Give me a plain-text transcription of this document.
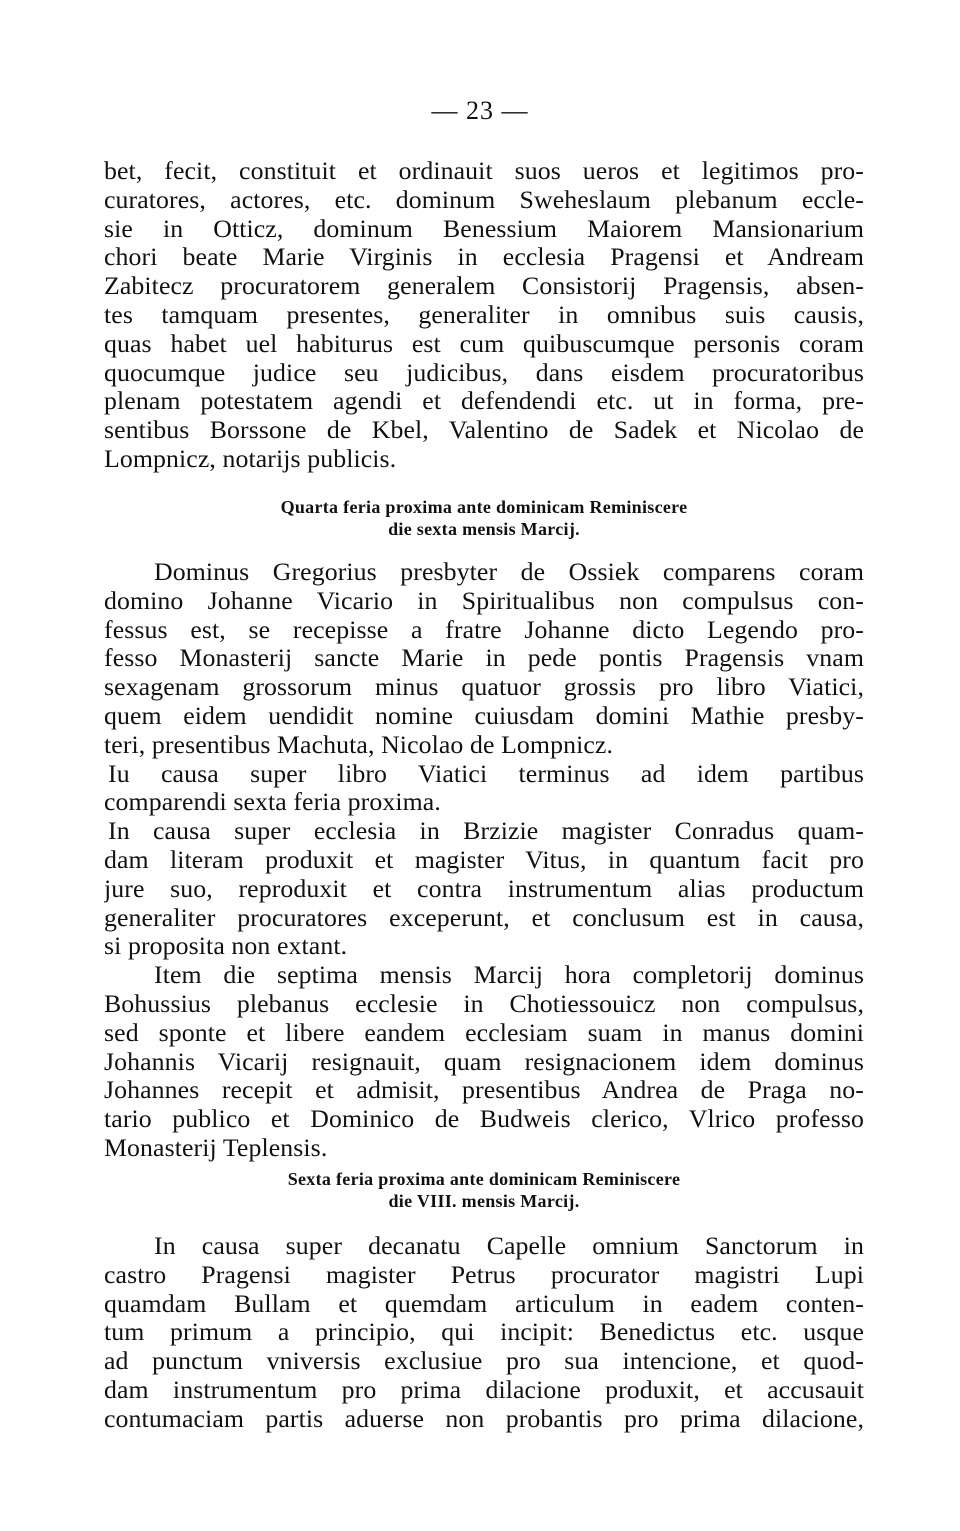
— 23 —
bet, fecit, constituit et ordinauit suos ueros et legitimos pro-
curatores, actores, etc. dominum Sweheslaum plebanum eccle-
sie in Otticz, dominum Benessium Maiorem Mansionarium
chori beate Marie Virginis in ecclesia Pragensi et Andream
Zabitecz procuratorem generalem Consistorij Pragensis, absen-
tes tamquam presentes, generaliter in omnibus suis causis,
quas habet uel habiturus est cum quibuscumque personis coram
quocumque judice seu judicibus, dans eisdem procuratoribus
plenam potestatem agendi et defendendi etc. ut in forma, pre-
sentibus Borssone de Kbel, Valentino de Sadek et Nicolao de
Lompnicz, notarijs publicis.
Quarta feria proxima ante dominicam Reminiscere
die sexta mensis Marcij.
Dominus Gregorius presbyter de Ossiek comparens coram
domino Johanne Vicario in Spiritualibus non compulsus con-
fessus est, se recepisse a fratre Johanne dicto Legendo pro-
fesso Monasterij sancte Marie in pede pontis Pragensis vnam
sexagenam grossorum minus quatuor grossis pro libro Viatici,
quem eidem uendidit nomine cuiusdam domini Mathie presby-
teri, presentibus Machuta, Nicolao de Lompnicz.
Iu causa super libro Viatici terminus ad idem partibus
comparendi sexta feria proxima.
In causa super ecclesia in Brzizie magister Conradus quam-
dam literam produxit et magister Vitus, in quantum facit pro
jure suo, reproduxit et contra instrumentum alias productum
generaliter procuratores exceperunt, et conclusum est in causa,
si proposita non extant.
Item die septima mensis Marcij hora completorij dominus
Bohussius plebanus ecclesie in Chotiessouicz non compulsus,
sed sponte et libere eandem ecclesiam suam in manus domini
Johannis Vicarij resignauit, quam resignacionem idem dominus
Johannes recepit et admisit, presentibus Andrea de Praga no-
tario publico et Dominico de Budweis clerico, Vlrico professo
Monasterij Teplensis.
Sexta feria proxima ante dominicam Reminiscere
die VIII. mensis Marcij.
In causa super decanatu Capelle omnium Sanctorum in
castro Pragensi magister Petrus procurator magistri Lupi
quamdam Bullam et quemdam articulum in eadem conten-
tum primum a principio, qui incipit: Benedictus etc. usque
ad punctum vniversis exclusiue pro sua intencione, et quod-
dam instrumentum pro prima dilacione produxit, et accusauit
contumaciam partis aduerse non probantis pro prima dilacione,
